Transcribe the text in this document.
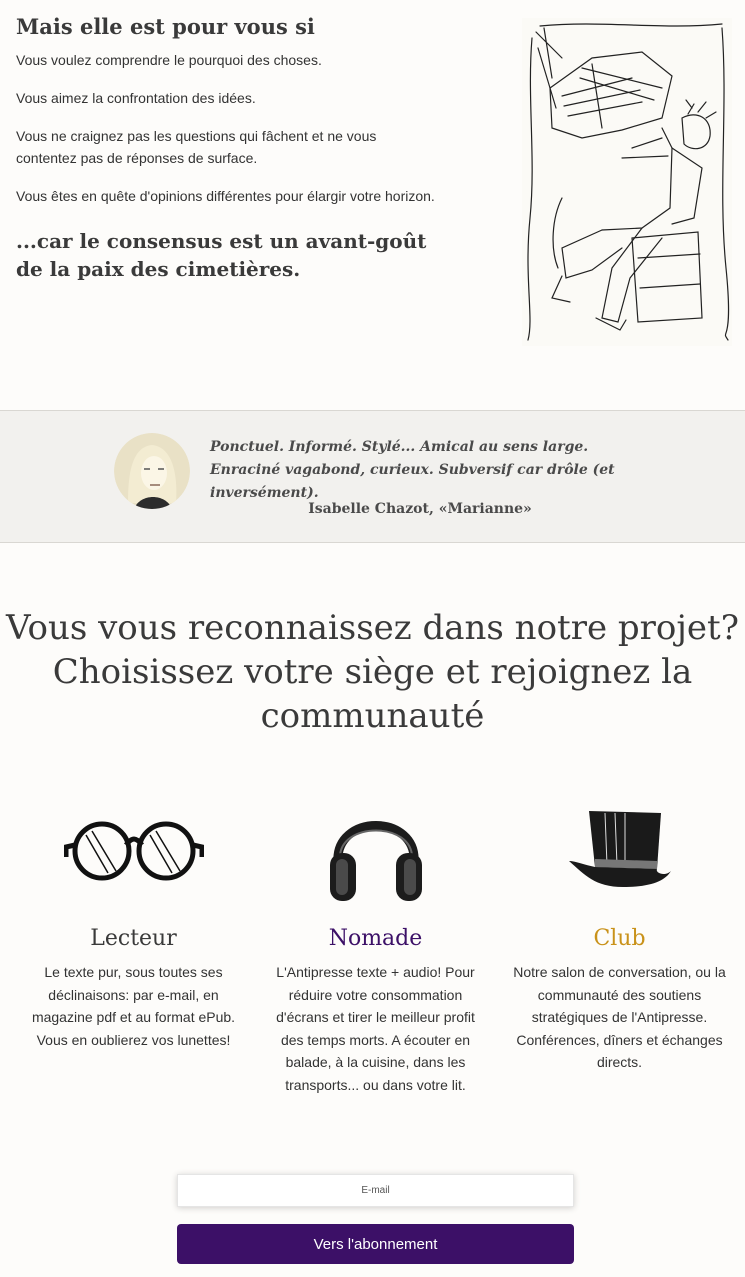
Mais elle est pour vous si

Vous voulez comprendre le pourquoi des choses.

Vous aimez la confrontation des idées.

Vous ne craignez pas les questions qui fâchent et ne vous contentez pas de réponses de surface.

Vous êtes en quête d'opinions différentes pour élargir votre horizon.

...car le consensus est un avant-goût de la paix des cimetières.
Ponctuel. Informé. Stylé... Amical au sens large. Enraciné vagabond, curieux. Subversif car drôle (et inversément).
Isabelle Chazot, «Marianne»
Vous vous reconnaissez dans notre projet? Choisissez votre siège et rejoignez la communauté
Lecteur

Le texte pur, sous toutes ses déclinaisons: par e-mail, en magazine pdf et au format ePub. Vous en oublierez vos lunettes!

Nomade

L'Antipresse texte + audio! Pour réduire votre consommation d'écrans et tirer le meilleur profit des temps morts. A écouter en balade, à la cuisine, dans les transports... ou dans votre lit.

Club

Notre salon de conversation, ou la communauté des soutiens stratégiques de l'Antipresse. Conférences, dîners et échanges directs.

E-mail
Vers l'abonnement
